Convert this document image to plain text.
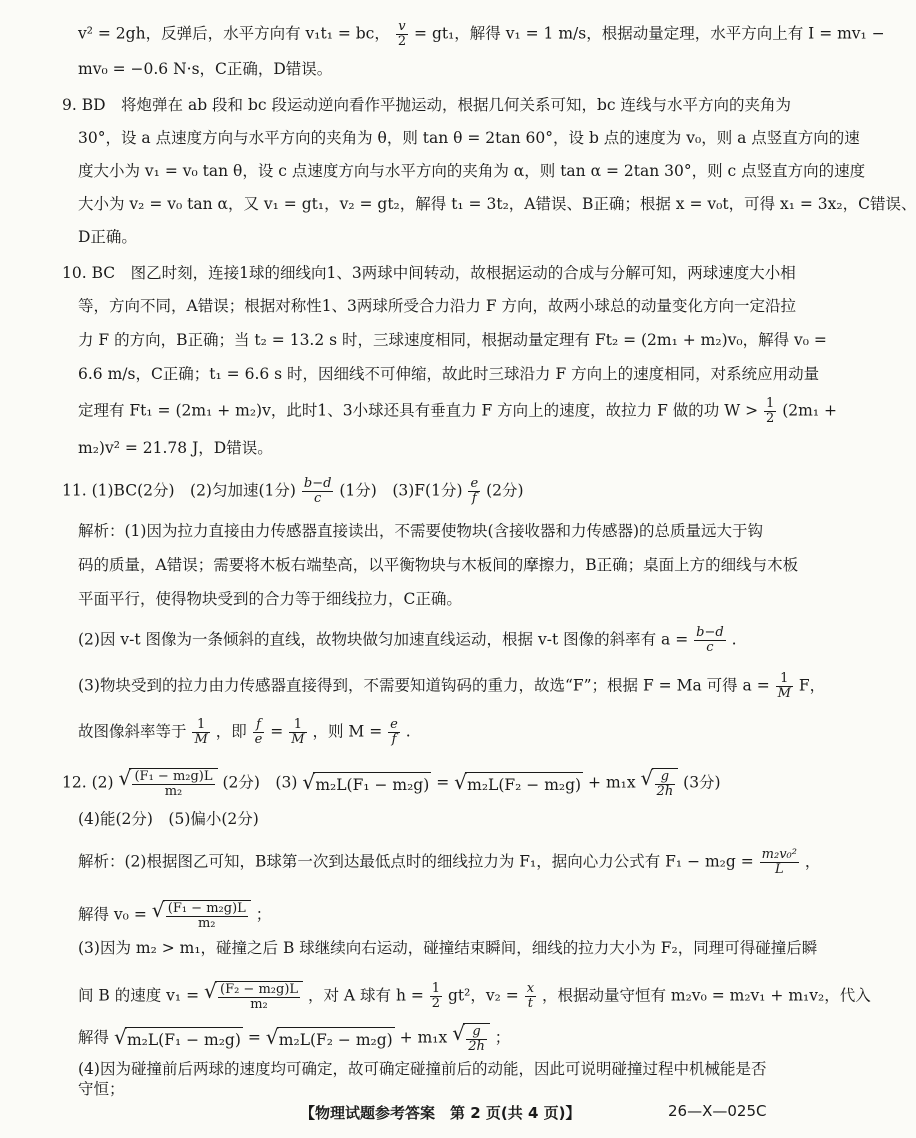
v² = 2gh，反弹后，水平方向有 v₁t₁ = bc， $\frac{v}{2} = gt_1$，解得 v₁ = 1 m/s，根据动量定理，水平方向上有 I = mv₁ −
mv₀ = −0.6 N·s，C正确，D错误。
9. BD　将炮弹在 ab 段和 bc 段运动逆向看作平抛运动，根据几何关系可知，bc 连线与水平方向的夹角为
30°，设 a 点速度方向与水平方向的夹角为 θ，则 tan θ = 2tan 60°，设 b 点的速度为 v₀，则 a 点竖直方向的速
度大小为 v₁ = v₀ tan θ，设 c 点速度方向与水平方向的夹角为 α，则 tan α = 2tan 30°，则 c 点竖直方向的速度
大小为 v₂ = v₀ tan α，又 v₁ = gt₁，v₂ = gt₂，解得 t₁ = 3t₂，A错误、B正确；根据 x = v₀t，可得 x₁ = 3x₂，C错误、
D正确。
10. BC　图乙时刻，连接1球的细线向1、3两球中间转动，故根据运动的合成与分解可知，两球速度大小相
等，方向不同，A错误；根据对称性1、3两球所受合力沿力 F 方向，故两小球总的动量变化方向一定沿拉
力 F 的方向，B正确；当 t₂ = 13.2 s 时，三球速度相同，根据动量定理有 Ft₂ = (2m₁ + m₂)v₀，解得 v₀ =
6.6 m/s，C正确；t₁ = 6.6 s 时，因细线不可伸缩，故此时三球沿力 F 方向上的速度相同，对系统应用动量
定理有 Ft₁ = (2m₁ + m₂)v，此时1、3小球还具有垂直力 F 方向上的速度，故拉力 F 做的功 $W > \frac{1}{2} (2m_1$ +
m₂)v² = 21.78 J，D错误。
11. (1)BC(2分)　(2)匀加速(1分) $\frac{b-d}{c} (1$分)　(3)F(1分) $\frac{e}{f} (2$分)
解析：(1)因为拉力直接由力传感器直接读出，不需要使物块(含接收器和力传感器)的总质量远大于钩
码的质量，A错误；需要将木板右端垫高，以平衡物块与木板间的摩擦力，B正确；桌面上方的细线与木板
平面平行，使得物块受到的合力等于细线拉力，C正确。
(2)因 v-t 图像为一条倾斜的直线，故物块做匀加速直线运动，根据 v-t 图像的斜率有 $a = \frac{b-d}{c}$ .
(3)物块受到的拉力由力传感器直接得到，不需要知道钩码的重力，故选“F”；根据 F = Ma 可得 $a = \frac{1}{M}$ F，
故图像斜率等于 $\frac{1}{M}$ ，即 $\frac{f}{e} = \frac{1}{M}$ ，则 $M = \frac{e}{f}$ .
12. (2) √ $\frac{\text{(F₁ − m₂g)L}}{\text{m₂}} (2$分)　(3) √ m₂L(F₁ − m₂g) = √ m₂L(F₂ − m₂g) + m₁x √ $\frac{g}{2h} (3$分)
(4)能(2分)　(5)偏小(2分)
解析：(2)根据图乙可知，B球第一次到达最低点时的细线拉力为 F₁，据向心力公式有 $F_1 - m_2g = \frac{\text{m₂v₀²}}{L}$ ，
解得 v₀ = √ $\frac{\text{(F₁ − m₂g)L}}{\text{m₂}}$ ；
(3)因为 m₂ > m₁，碰撞之后 B 球继续向右运动，碰撞结束瞬间，细线的拉力大小为 F₂，同理可得碰撞后瞬
间 B 的速度 v₁ = √ $\frac{\text{(F₂ − m₂g)L}}{\text{m₂}}$ ，对 A 球有 $h = \frac{1}{2} gt^2$，$v_2 = \frac{x}{t}$ ，根据动量守恒有 m₂v₀ = m₂v₁ + m₁v₂，代入
解得 √ m₂L(F₁ − m₂g) = √ m₂L(F₂ − m₂g) + m₁x √ $\frac{g}{2h}$ ；
(4)因为碰撞前后两球的速度均可确定，故可确定碰撞前后的动能，因此可说明碰撞过程中机械能是否
守恒；
【物理试题参考答案　第 2 页(共 4 页)】	26—X—025C
